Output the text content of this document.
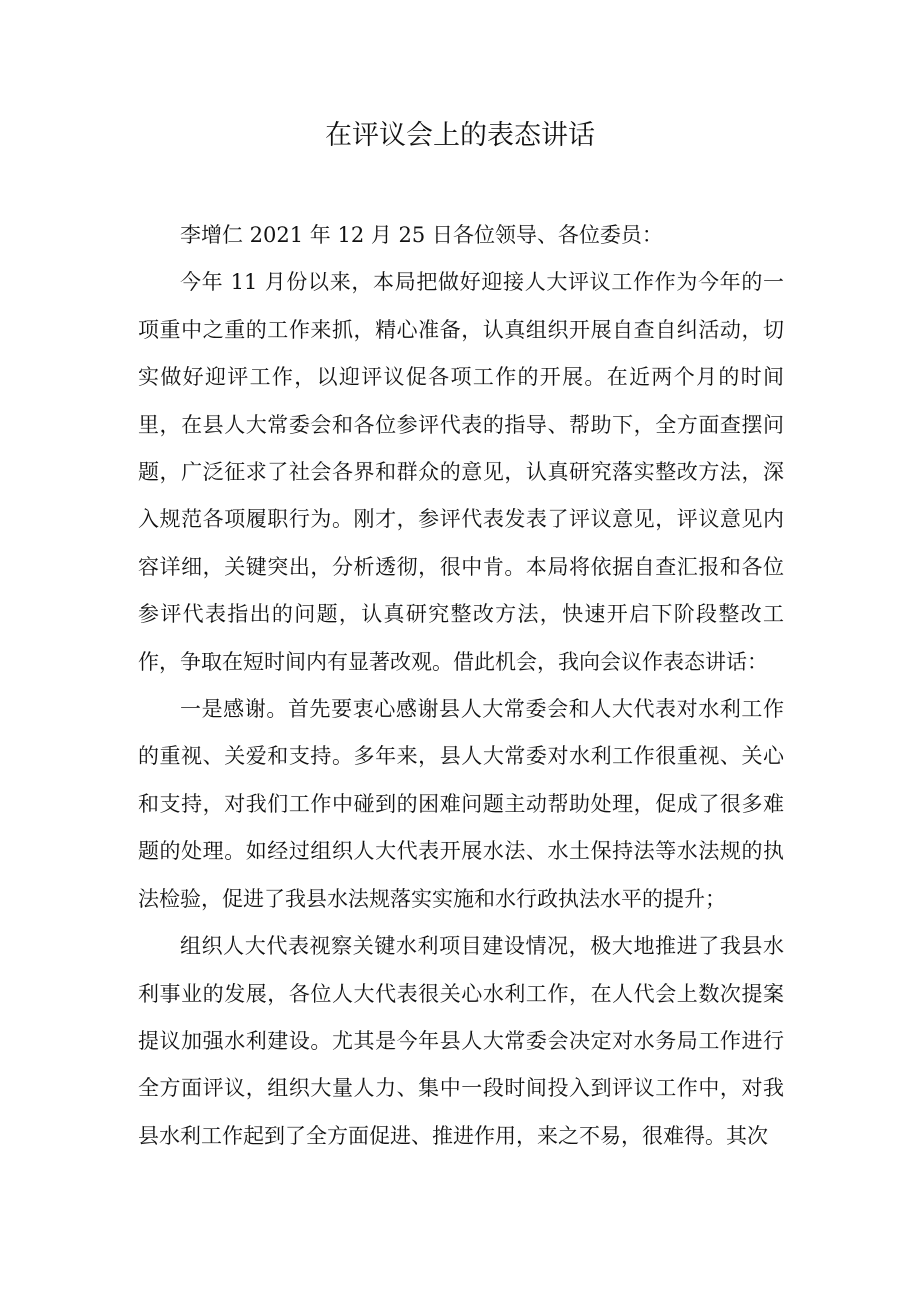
在评议会上的表态讲话

李增仁 2021 年 12 月 25 日各位领导、各位委员：

今年 11 月份以来，本局把做好迎接人大评议工作作为今年的一项重中之重的工作来抓，精心准备，认真组织开展自查自纠活动，切实做好迎评工作，以迎评议促各项工作的开展。在近两个月的时间里，在县人大常委会和各位参评代表的指导、帮助下，全方面查摆问题，广泛征求了社会各界和群众的意见，认真研究落实整改方法，深入规范各项履职行为。刚才，参评代表发表了评议意见，评议意见内容详细，关键突出，分析透彻，很中肯。本局将依据自查汇报和各位参评代表指出的问题，认真研究整改方法，快速开启下阶段整改工作，争取在短时间内有显著改观。借此机会，我向会议作表态讲话：

一是感谢。首先要衷心感谢县人大常委会和人大代表对水利工作的重视、关爱和支持。多年来，县人大常委对水利工作很重视、关心和支持，对我们工作中碰到的困难问题主动帮助处理，促成了很多难题的处理。如经过组织人大代表开展水法、水土保持法等水法规的执法检验，促进了我县水法规落实实施和水行政执法水平的提升；

组织人大代表视察关键水利项目建设情况，极大地推进了我县水利事业的发展，各位人大代表很关心水利工作，在人代会上数次提案提议加强水利建设。尤其是今年县人大常委会决定对水务局工作进行全方面评议，组织大量人力、集中一段时间投入到评议工作中，对我县水利工作起到了全方面促进、推进作用，来之不易，很难得。其次
